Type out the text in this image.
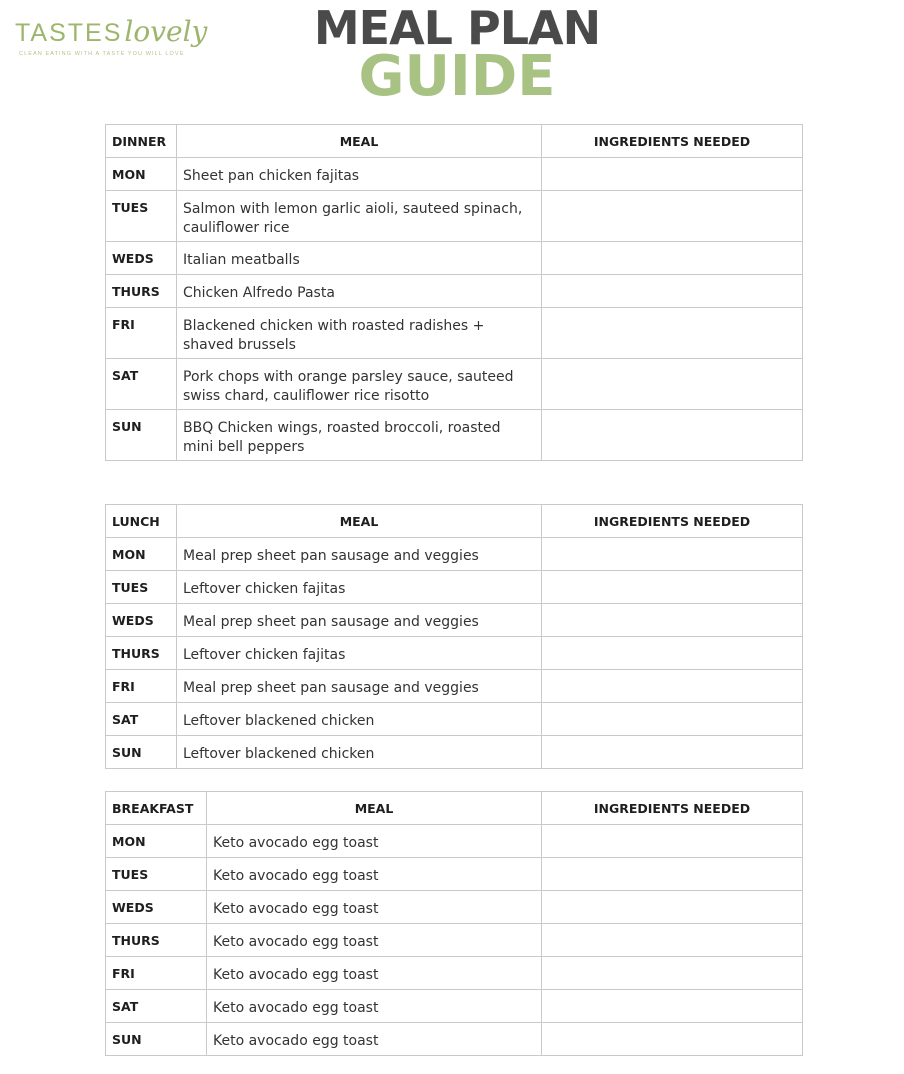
TASTESlovely
CLEAN EATING WITH A TASTE YOU WILL LOVE	MEAL PLAN
GUIDE
DINNER	MEAL	INGREDIENTS NEEDED
MON	Sheet pan chicken fajitas	
TUES	Salmon with lemon garlic aioli, sauteed spinach, cauliflower rice	
WEDS	Italian meatballs	
THURS	Chicken Alfredo Pasta	
FRI	Blackened chicken with roasted radishes + shaved brussels	
SAT	Pork chops with orange parsley sauce, sauteed swiss chard, cauliflower rice risotto	
SUN	BBQ Chicken wings, roasted broccoli, roasted mini bell peppers	
LUNCH	MEAL	INGREDIENTS NEEDED
MON	Meal prep sheet pan sausage and veggies	
TUES	Leftover chicken fajitas	
WEDS	Meal prep sheet pan sausage and veggies	
THURS	Leftover chicken fajitas	
FRI	Meal prep sheet pan sausage and veggies	
SAT	Leftover blackened chicken	
SUN	Leftover blackened chicken	
BREAKFAST	MEAL	INGREDIENTS NEEDED
MON	Keto avocado egg toast	
TUES	Keto avocado egg toast	
WEDS	Keto avocado egg toast	
THURS	Keto avocado egg toast	
FRI	Keto avocado egg toast	
SAT	Keto avocado egg toast	
SUN	Keto avocado egg toast	
